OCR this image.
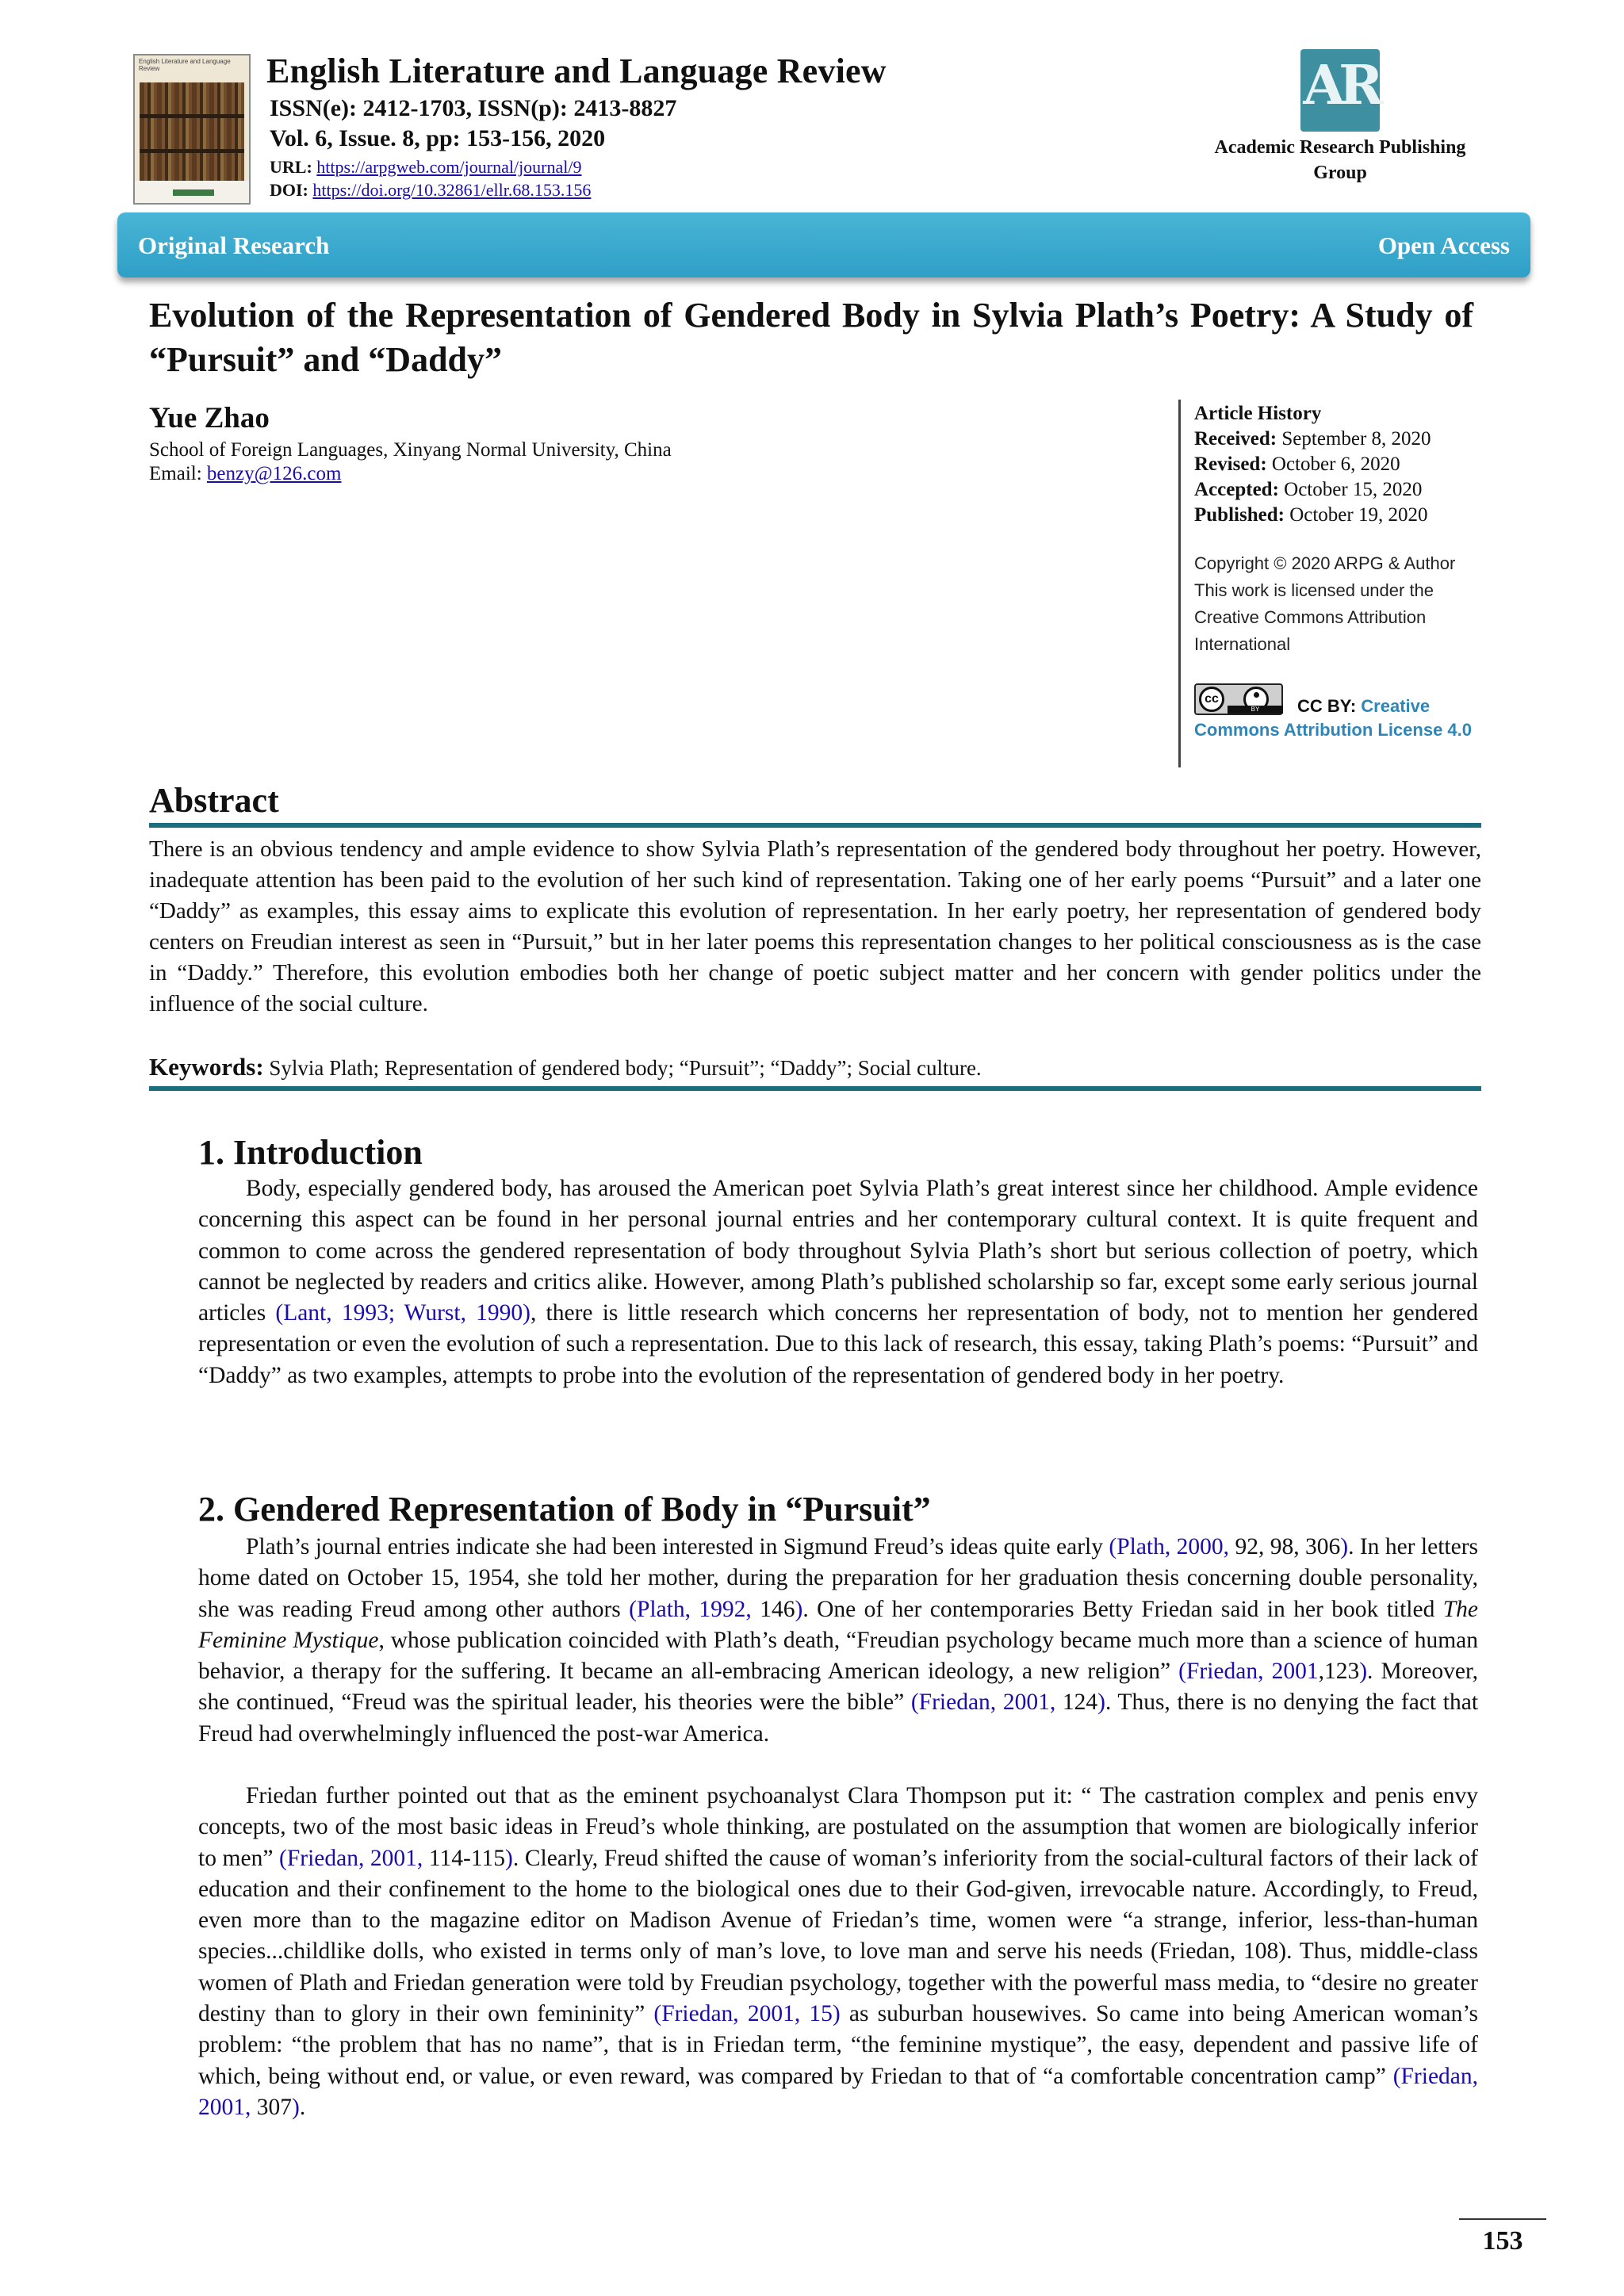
English Literature and Language Review	English Literature and Language Review
ISSN(e): 2412-1703, ISSN(p): 2413-8827
Vol. 6, Issue. 8, pp: 153-156, 2020
URL: https://arpgweb.com/journal/journal/9
DOI: https://doi.org/10.32861/ellr.68.153.156
AR
Academic Research Publishing Group
Original Research	Open Access
Evolution of the Representation of Gendered Body in Sylvia Plath’s Poetry: A Study of “Pursuit” and “Daddy”
Yue Zhao
School of Foreign Languages, Xinyang Normal University, China
Email: benzy@126.com
Article History
Received: September 8, 2020
Revised: October 6, 2020
Accepted: October 15, 2020
Published: October 19, 2020
Copyright © 2020 ARPG & Author
This work is licensed under the Creative Commons Attribution International
cc
BY	CC BY: Creative Commons Attribution License 4.0
Abstract
There is an obvious tendency and ample evidence to show Sylvia Plath’s representation of the gendered body throughout her poetry. However, inadequate attention has been paid to the evolution of her such kind of representation. Taking one of her early poems “Pursuit” and a later one “Daddy” as examples, this essay aims to explicate this evolution of representation. In her early poetry, her representation of gendered body centers on Freudian interest as seen in “Pursuit,” but in her later poems this representation changes to her political consciousness as is the case in “Daddy.” Therefore, this evolution embodies both her change of poetic subject matter and her concern with gender politics under the influence of the social culture.
Keywords: Sylvia Plath; Representation of gendered body; “Pursuit”; “Daddy”; Social culture.
1. Introduction
Body, especially gendered body, has aroused the American poet Sylvia Plath’s great interest since her childhood. Ample evidence concerning this aspect can be found in her personal journal entries and her contemporary cultural context. It is quite frequent and common to come across the gendered representation of body throughout Sylvia Plath’s short but serious collection of poetry, which cannot be neglected by readers and critics alike. However, among Plath’s published scholarship so far, except some early serious journal articles (Lant, 1993; Wurst, 1990), there is little research which concerns her representation of body, not to mention her gendered representation or even the evolution of such a representation. Due to this lack of research, this essay, taking Plath’s poems: “Pursuit” and “Daddy” as two examples, attempts to probe into the evolution of the representation of gendered body in her poetry.
2. Gendered Representation of Body in “Pursuit”
Plath’s journal entries indicate she had been interested in Sigmund Freud’s ideas quite early (Plath, 2000, 92, 98, 306). In her letters home dated on October 15, 1954, she told her mother, during the preparation for her graduation thesis concerning double personality, she was reading Freud among other authors (Plath, 1992, 146). One of her contemporaries Betty Friedan said in her book titled The Feminine Mystique, whose publication coincided with Plath’s death, “Freudian psychology became much more than a science of human behavior, a therapy for the suffering. It became an all-embracing American ideology, a new religion” (Friedan, 2001,123). Moreover, she continued, “Freud was the spiritual leader, his theories were the bible” (Friedan, 2001, 124). Thus, there is no denying the fact that Freud had overwhelmingly influenced the post-war America.
Friedan further pointed out that as the eminent psychoanalyst Clara Thompson put it: “ The castration complex and penis envy concepts, two of the most basic ideas in Freud’s whole thinking, are postulated on the assumption that women are biologically inferior to men” (Friedan, 2001, 114-115). Clearly, Freud shifted the cause of woman’s inferiority from the social-cultural factors of their lack of education and their confinement to the home to the biological ones due to their God-given, irrevocable nature. Accordingly, to Freud, even more than to the magazine editor on Madison Avenue of Friedan’s time, women were “a strange, inferior, less-than-human species...childlike dolls, who existed in terms only of man’s love, to love man and serve his needs (Friedan, 108). Thus, middle-class women of Plath and Friedan generation were told by Freudian psychology, together with the powerful mass media, to “desire no greater destiny than to glory in their own femininity” (Friedan, 2001, 15) as suburban housewives. So came into being American woman’s problem: “the problem that has no name”, that is in Friedan term, “the feminine mystique”, the easy, dependent and passive life of which, being without end, or value, or even reward, was compared by Friedan to that of “a comfortable concentration camp” (Friedan, 2001, 307).
153
